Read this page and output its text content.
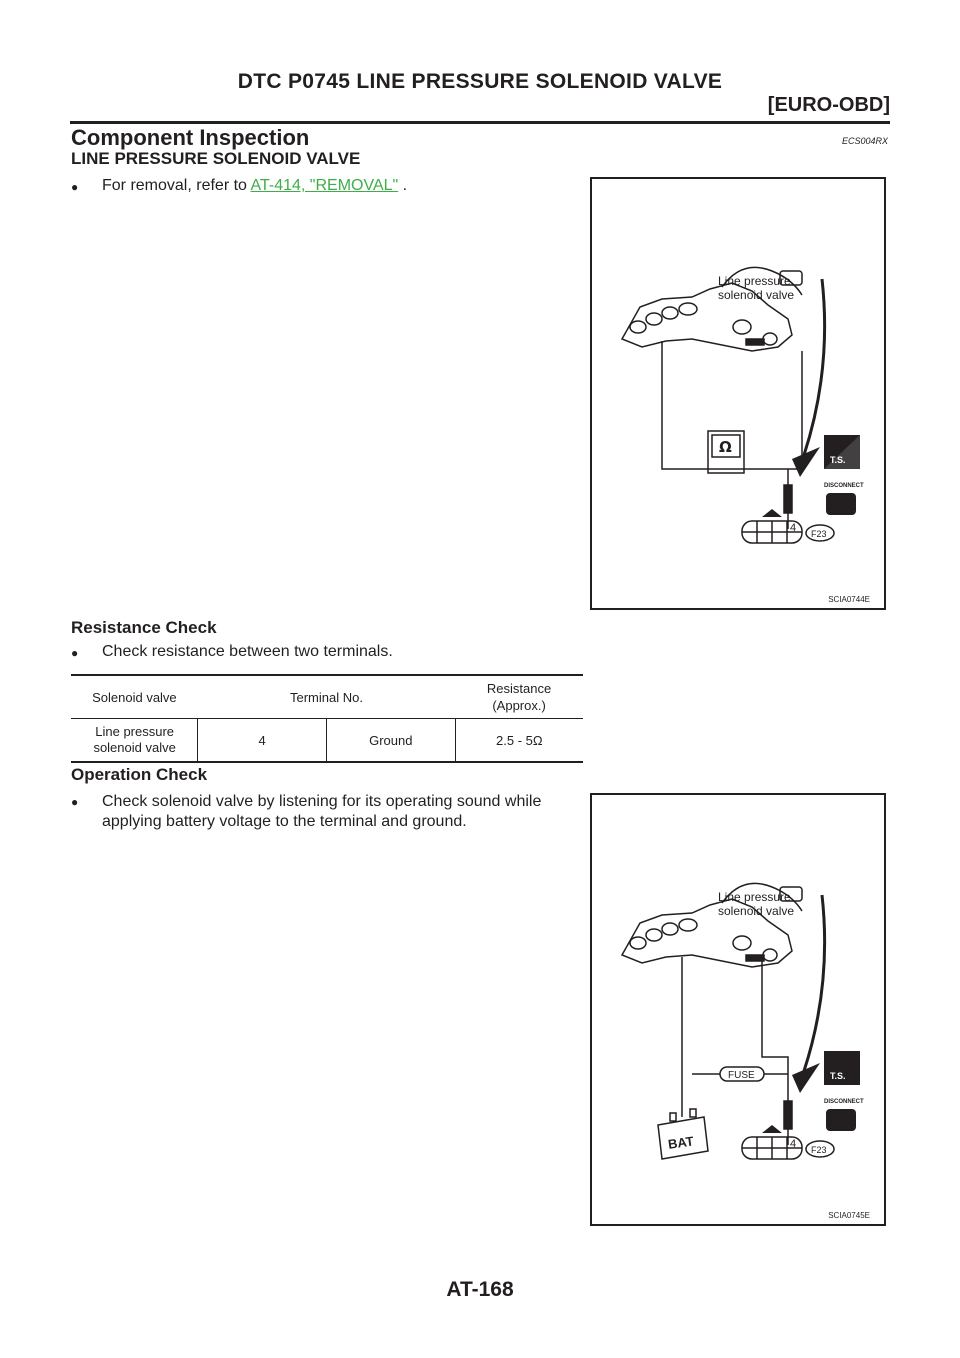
DTC P0745 LINE PRESSURE SOLENOID VALVE
[EURO-OBD]
Component Inspection	ECS004RX
LINE PRESSURE SOLENOID VALVE
●	For removal, refer to AT-414, "REMOVAL" .
Line pressure
solenoid valve
Ω
T.S.
DISCONNECT
4 F23
SCIA0744E
Resistance Check
●	Check resistance between two terminals.
Solenoid valve	Terminal No.		Resistance
(Approx.)
Line pressure
solenoid valve	4	Ground	2.5 - 5Ω
Operation Check
●	Check solenoid valve by listening for its operating sound while
applying battery voltage to the terminal and ground.
Line pressure
solenoid valve
FUSE
BAT
T.S.
DISCONNECT
4 F23
SCIA0745E
AT-168
